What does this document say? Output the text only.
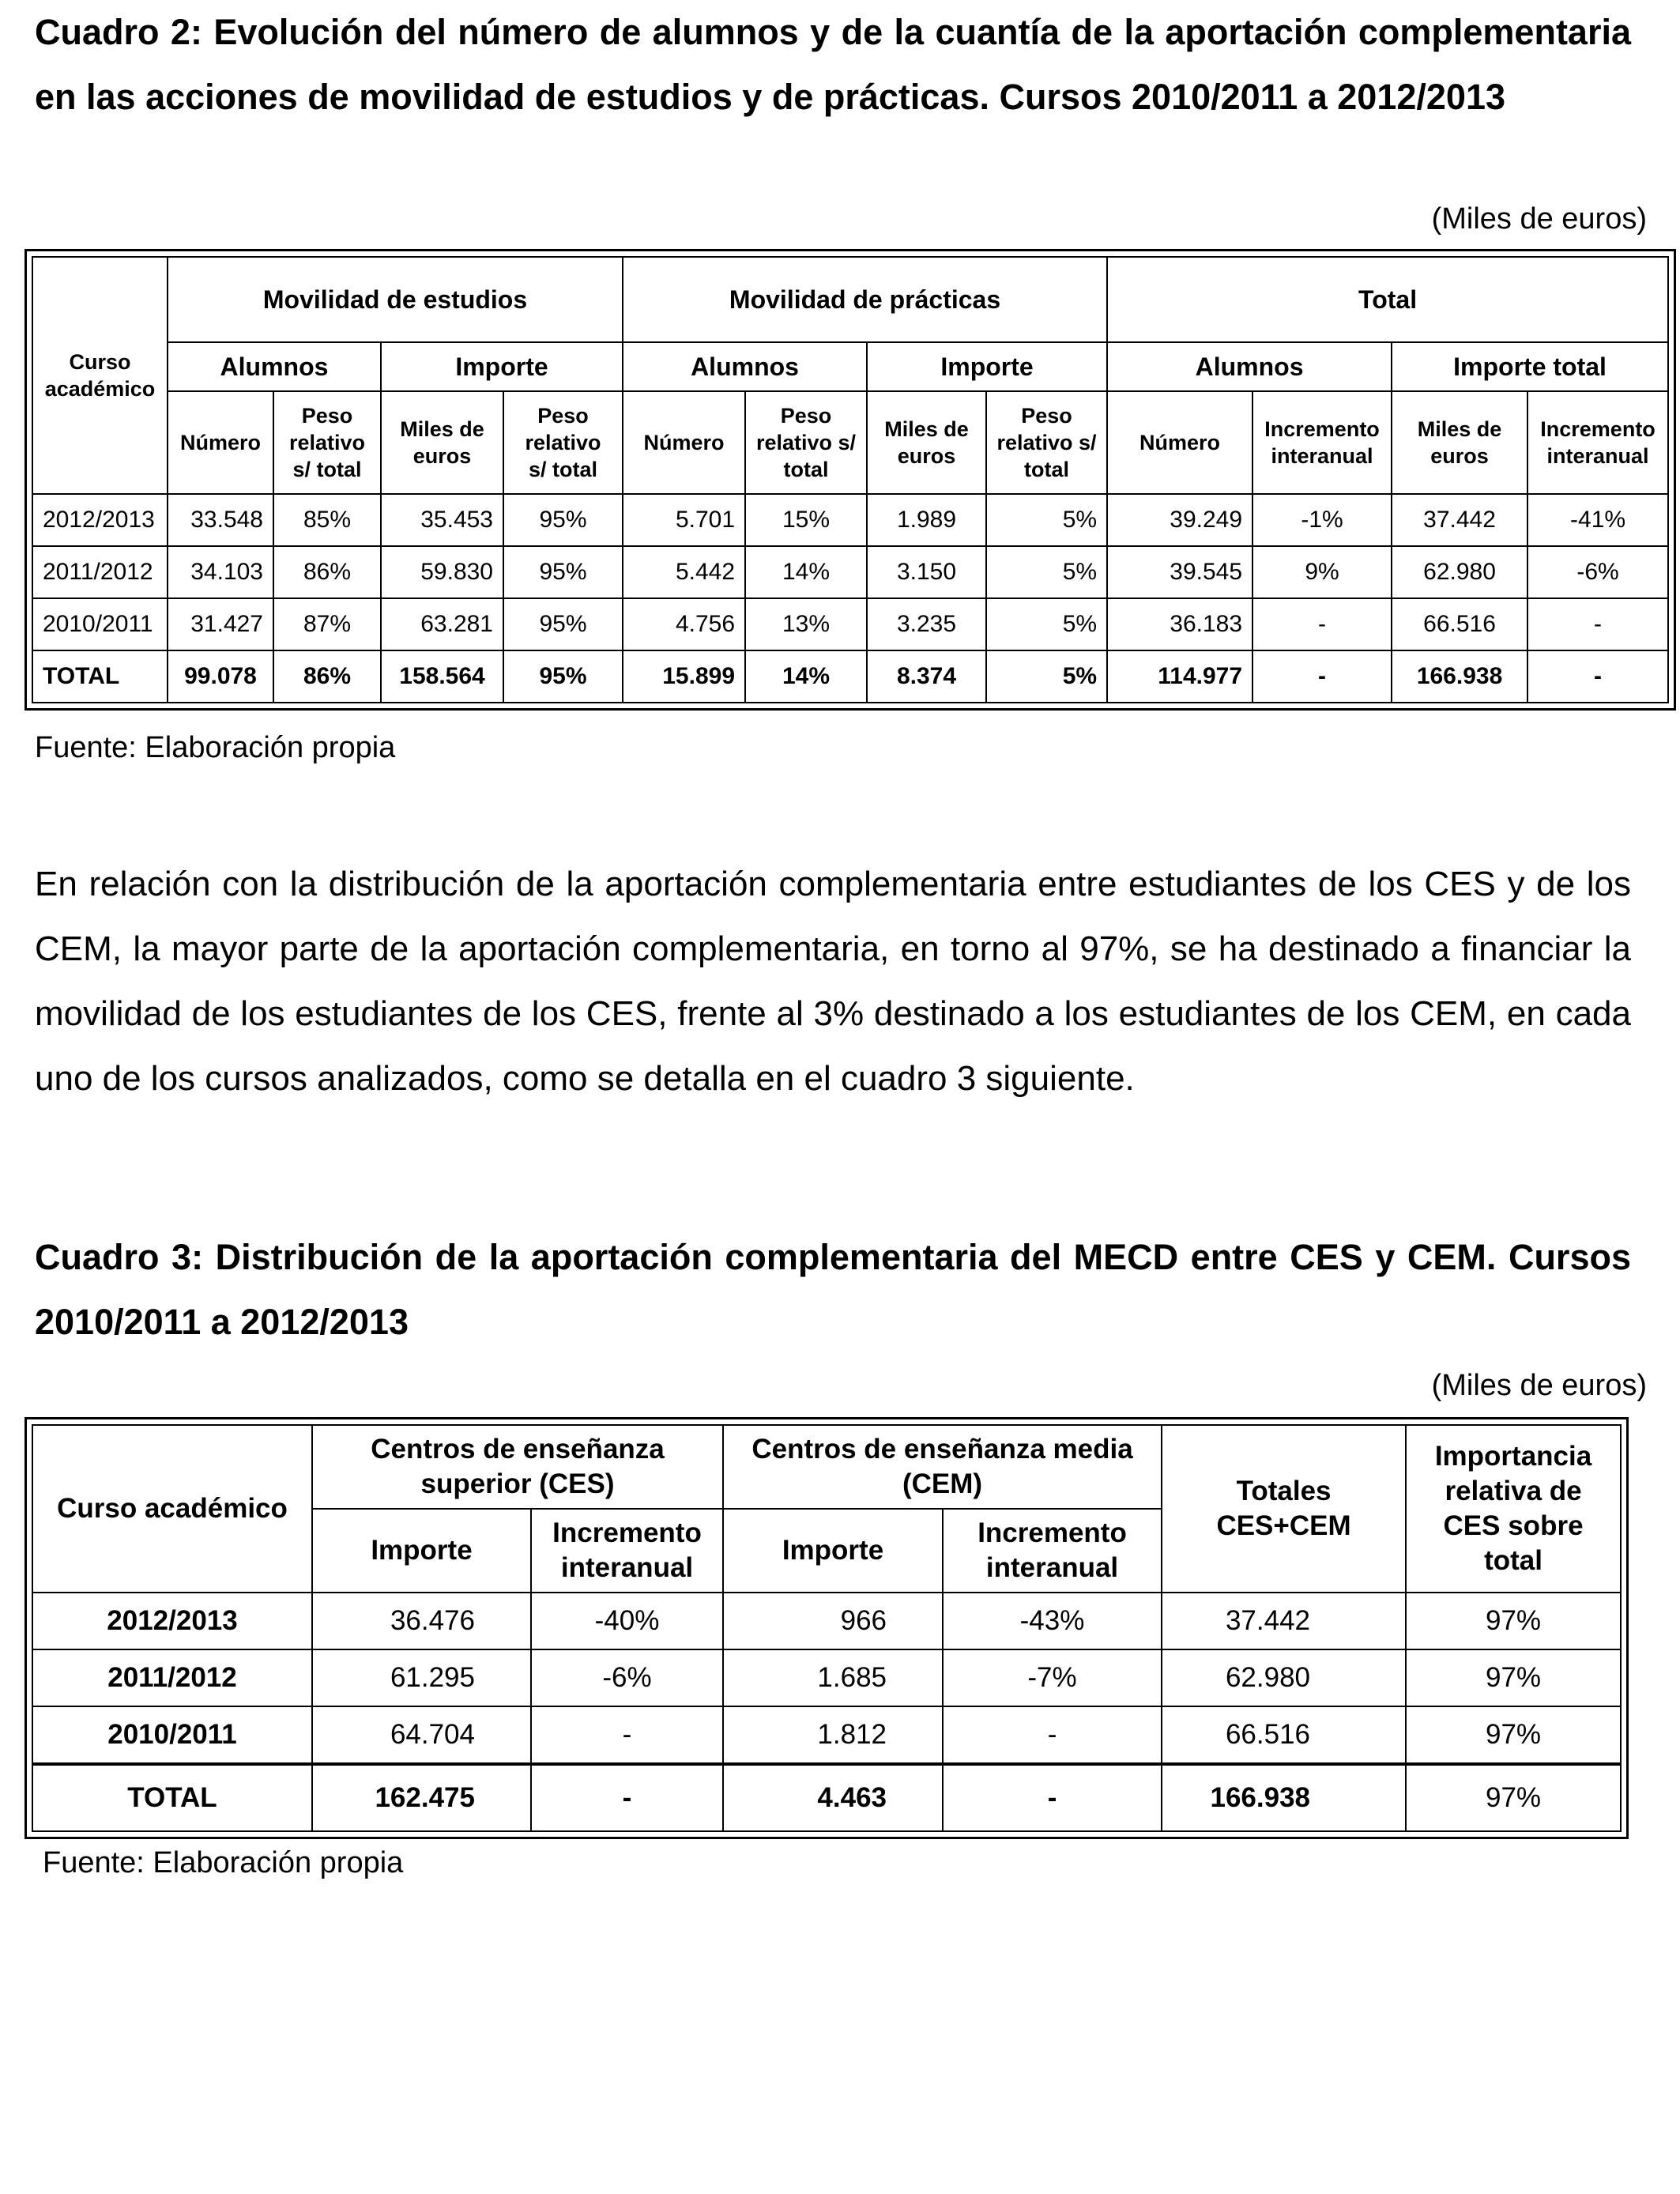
Cuadro 2: Evolución del número de alumnos y de la cuantía de la aportación complementaria en las acciones de movilidad de estudios y de prácticas. Cursos 2010/2011 a 2012/2013

(Miles de euros)
Curso académico	Movilidad de estudios				Movilidad de prácticas				Total			
	Alumnos		Importe		Alumnos		Importe		Alumnos		Importe total	
	Número	Peso relativo s/ total	Miles de euros	Peso relativo s/ total	Número	Peso relativo s/ total	Miles de euros	Peso relativo s/ total	Número	Incremento interanual	Miles de euros	Incremento interanual
2012/2013	33.548	85%	35.453	95%	5.701	15%	1.989	5%	39.249	-1%	37.442	-41%
2011/2012	34.103	86%	59.830	95%	5.442	14%	3.150	5%	39.545	9%	62.980	-6%
2010/2011	31.427	87%	63.281	95%	4.756	13%	3.235	5%	36.183	-	66.516	-
TOTAL	99.078	86%	158.564	95%	15.899	14%	8.374	5%	114.977	-	166.938	-
Fuente: Elaboración propia

En relación con la distribución de la aportación complementaria entre estudiantes de los CES y de los CEM, la mayor parte de la aportación complementaria, en torno al 97%, se ha destinado a financiar la movilidad de los estudiantes de los CES, frente al 3% destinado a los estudiantes de los CEM, en cada uno de los cursos analizados, como se detalla en el cuadro 3 siguiente.

Cuadro 3: Distribución de la aportación complementaria del MECD entre CES y CEM. Cursos 2010/2011 a 2012/2013

(Miles de euros)
Curso académico	Centros de enseñanza superior (CES)		Centros de enseñanza media (CEM)		Totales CES+CEM	Importancia relativa de CES sobre total
	Importe	Incremento interanual	Importe	Incremento interanual		
2012/2013	36.476	-40%	966	-43%	37.442	97%
2011/2012	61.295	-6%	1.685	-7%	62.980	97%
2010/2011	64.704	-	1.812	-	66.516	97%
TOTAL	162.475	-	4.463	-	166.938	97%
Fuente: Elaboración propia
